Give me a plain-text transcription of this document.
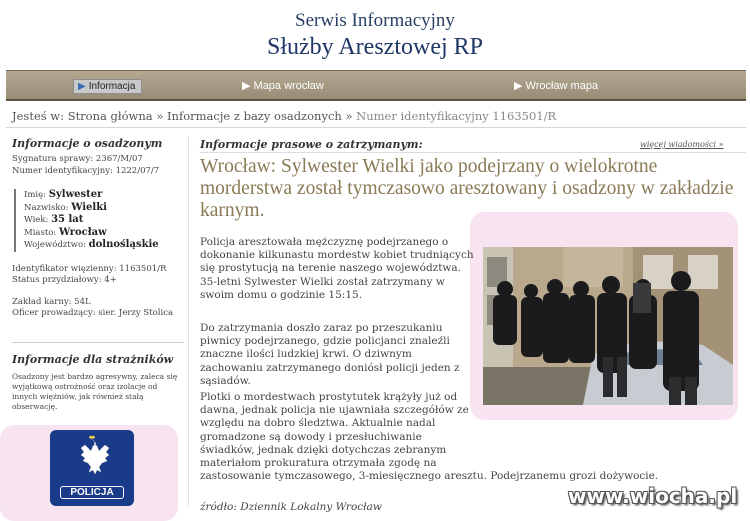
Serwis Informacyjny
Służby Aresztowej RP
▶ Informacja	▶ Mapa wrocław	▶ Wrocław mapa
Jesteś w: Strona główna » Informacje z bazy osadzonych » Numer identyfikacyjny 1163501/R
Informacje o osadzonym
Sygnatura sprawy: 2367/M/07
Numer identyfikacyjny: 1222/07/7
Imię: Sylwester
Nazwisko: Wielki
Wiek: 35 lat
Miasto: Wrocław
Województwo: dolnośląskie
Identyfikator więzienny: 1163501/R
Status przydziałowy: 4+
Zakład karny: 54L
Oficer prowadzący: sier. Jerzy Stolica
Informacje dla strażników

Osadzony jest bardzo agresywny, zaleca się wyjątkową ostrożność oraz izolacje od innych więźniów, jak również stałą obserwację.

POLICJA
Informacje prasowe o zatrzymanym:	więcej wiadomości »
Wrocław: Sylwester Wielki jako podejrzany o wielokrotne morderstwa został tymczasowo aresztowany i osadzony w zakładzie karnym.
Policja aresztowała mężczyznę podejrzanego o dokonanie kilkunastu mordestw kobiet trudniących się prostytucją na terenie naszego województwa. 35-letni Sylwester Wielki został zatrzymany w swoim domu o godzinie 15:15.
Do zatrzymania doszło zaraz po przeszukaniu piwnicy podejrzanego, gdzie policjanci znaleźli znaczne ilości ludzkiej krwi. O dziwnym zachowaniu zatrzymanego doniósł policji jeden z sąsiadów.
Plotki o mordestwach prostytutek krążyły już od dawna, jednak policja nie ujawniała szczegółów ze względu na dobro śledztwa. Aktualnie nadal gromadzone są dowody i przesłuchiwanie świadków, jednak dzięki dotychczas zebranym materiałom prokuratura otrzymała zgodę na
zastosowanie tymczasowego, 3-miesięcznego aresztu. Podejrzanemu grozi dożywocie.
źródło: Dziennik Lokalny Wrocław	www.wiocha.pl
